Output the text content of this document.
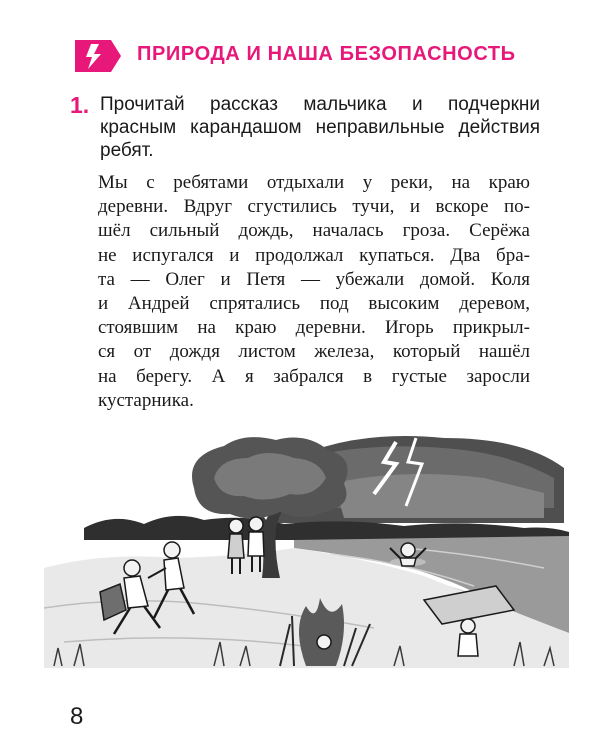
ПРИРОДА И НАША БЕЗОПАСНОСТЬ
1. Прочитай рассказ мальчика и подчеркни красным карандашом неправильные действия ребят.
Мы с ребятами отдыхали у реки, на краю
деревни. Вдруг сгустились тучи, и вскоре по-
шёл сильный дождь, началась гроза. Серёжа
не испугался и продолжал купаться. Два бра-
та — Олег и Петя — убежали домой. Коля
и Андрей спрятались под высоким деревом,
стоявшим на краю деревни. Игорь прикрыл-
ся от дождя листом железа, который нашёл
на берегу. А я забрался в густые заросли
кустарника.
8
